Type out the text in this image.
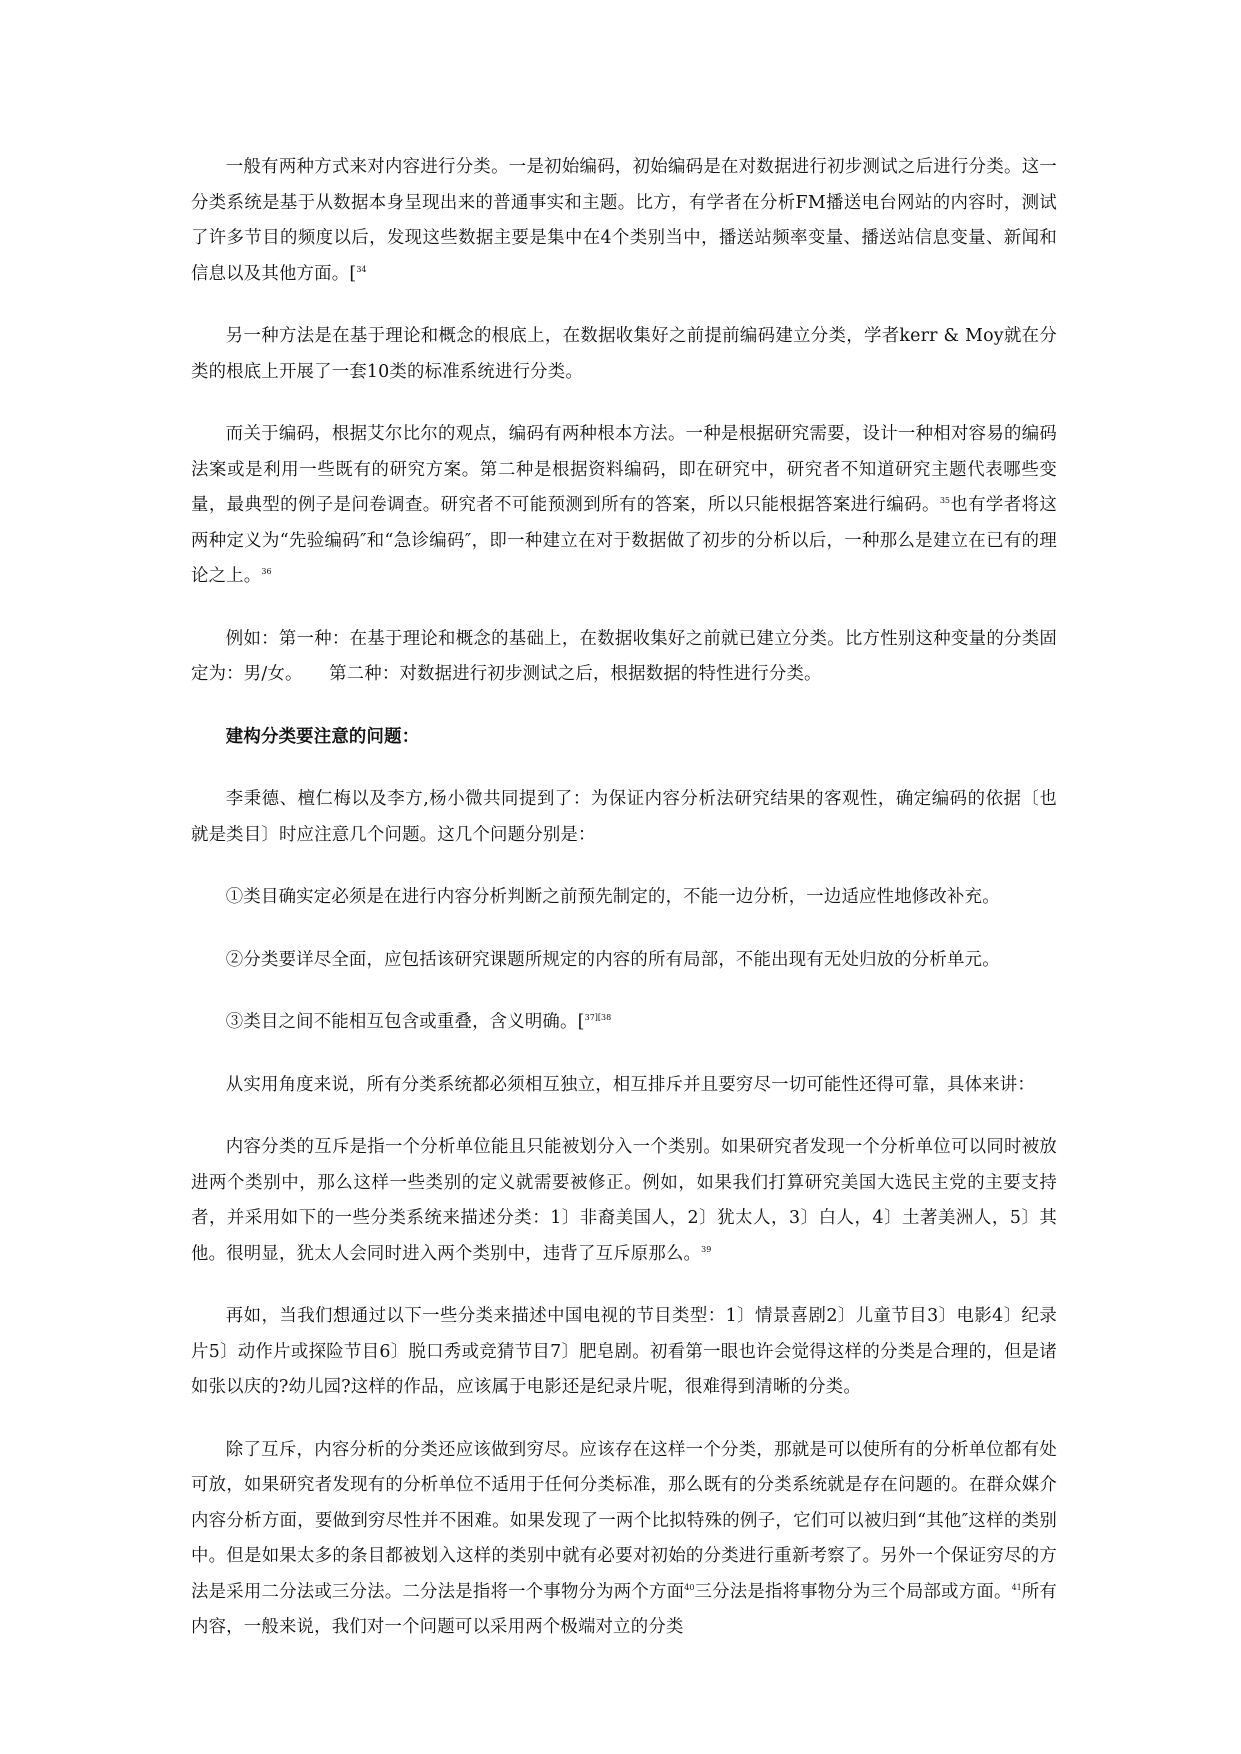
一般有两种方式来对内容进行分类。一是初始编码，初始编码是在对数据进行初步测试之后进行分类。这一分类系统是基于从数据本身呈现出来的普通事实和主题。比方，有学者在分析FM播送电台网站的内容时，测试了许多节目的频度以后，发现这些数据主要是集中在4个类别当中，播送站频率变量、播送站信息变量、新闻和信息以及其他方面。[$^{34}$

另一种方法是在基于理论和概念的根底上，在数据收集好之前提前编码建立分类，学者kerr & Moy就在分类的根底上开展了一套10类的标准系统进行分类。

而关于编码，根据艾尔比尔的观点，编码有两种根本方法。一种是根据研究需要，设计一种相对容易的编码法案或是利用一些既有的研究方案。第二种是根据资料编码，即在研究中，研究者不知道研究主题代表哪些变量，最典型的例子是问卷调查。研究者不可能预测到所有的答案，所以只能根据答案进行编码。$^{35}$也有学者将这两种定义为“先验编码″和“急诊编码″，即一种建立在对于数据做了初步的分析以后，一种那么是建立在已有的理论之上。$^{36}$

例如：第一种：在基于理论和概念的基础上，在数据收集好之前就已建立分类。比方性别这种变量的分类固定为：男/女。　　第二种：对数据进行初步测试之后，根据数据的特性进行分类。

建构分类要注意的问题：

李秉德、檀仁梅以及李方,杨小微共同提到了：为保证内容分析法研究结果的客观性，确定编码的依据〔也就是类目〕时应注意几个问题。这几个问题分别是：

①类目确实定必须是在进行内容分析判断之前预先制定的，不能一边分析，一边适应性地修改补充。

②分类要详尽全面，应包括该研究课题所规定的内容的所有局部，不能出现有无处归放的分析单元。

③类目之间不能相互包含或重叠，含义明确。[$^{37][38}$

从实用角度来说，所有分类系统都必须相互独立，相互排斥并且要穷尽一切可能性还得可靠，具体来讲：

内容分类的互斥是指一个分析单位能且只能被划分入一个类别。如果研究者发现一个分析单位可以同时被放进两个类别中，那么这样一些类别的定义就需要被修正。例如，如果我们打算研究美国大选民主党的主要支持者，并采用如下的一些分类系统来描述分类：1〕非裔美国人，2〕犹太人，3〕白人，4〕土著美洲人，5〕其他。很明显，犹太人会同时进入两个类别中，违背了互斥原那么。$^{39}$

再如，当我们想通过以下一些分类来描述中国电视的节目类型：1〕情景喜剧2〕儿童节目3〕电影4〕纪录片5〕动作片或探险节目6〕脱口秀或竞猜节目7〕肥皂剧。初看第一眼也许会觉得这样的分类是合理的，但是诸如张以庆的?幼儿园?这样的作品，应该属于电影还是纪录片呢，很难得到清晰的分类。

除了互斥，内容分析的分类还应该做到穷尽。应该存在这样一个分类，那就是可以使所有的分析单位都有处可放，如果研究者发现有的分析单位不适用于任何分类标准，那么既有的分类系统就是存在问题的。在群众媒介内容分析方面，要做到穷尽性并不困难。如果发现了一两个比拟特殊的例子，它们可以被归到“其他″这样的类别中。但是如果太多的条目都被划入这样的类别中就有必要对初始的分类进行重新考察了。另外一个保证穷尽的方法是采用二分法或三分法。二分法是指将一个事物分为两个方面$^{40}$三分法是指将事物分为三个局部或方面。$^{41}$所有内容，一般来说，我们对一个问题可以采用两个极端对立的分类
